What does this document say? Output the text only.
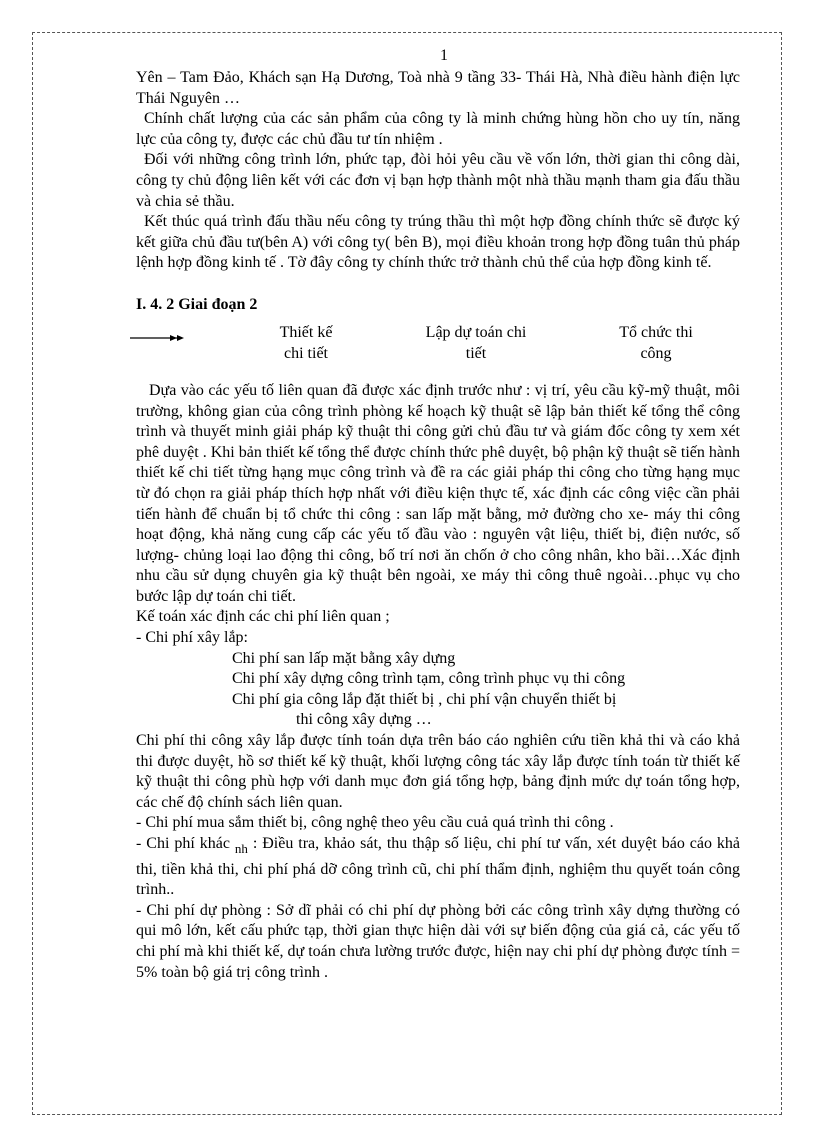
1

Yên – Tam Đảo, Khách sạn Hạ Dương, Toà nhà 9 tầng 33- Thái Hà, Nhà điều hành điện lực Thái Nguyên …

Chính chất lượng của các sản phẩm của công ty là minh chứng hùng hồn cho uy tín, năng lực của công ty, được các chủ đầu tư tín nhiệm .

Đối với những công trình lớn, phức tạp, đòi hỏi yêu cầu về vốn lớn, thời gian thi công dài, công ty chủ động liên kết với các đơn vị bạn hợp thành một nhà thầu mạnh tham gia đấu thầu và chia sẻ thầu.

Kết thúc quá trình đấu thầu nếu công ty trúng thầu thì một hợp đồng chính thức sẽ được ký kết giữa chủ đầu tư(bên A) với công ty( bên B), mọi điều khoản trong hợp đồng tuân thủ pháp lệnh hợp đồng kinh tế . Tờ đây công ty chính thức trở thành chủ thể của hợp đồng kinh tế.

I. 4. 2 Giai đoạn 2
Thiết kế
chi tiết
Lập dự toán chi
tiết
Tổ chức thi
công

Dựa vào các yếu tố liên quan đã được xác định trước như : vị trí, yêu cầu kỹ-mỹ thuật, môi trường, không gian của công trình phòng kế hoạch kỹ thuật sẽ lập bản thiết kế tổng thể công trình và thuyết minh giải pháp kỹ thuật thi công gửi chủ đầu tư và giám đốc công ty xem xét phê duyệt . Khi bản thiết kế tổng thể được chính thức phê duyệt, bộ phận kỹ thuật sẽ tiến hành thiết kế chi tiết từng hạng mục công trình và đề ra các giải pháp thi công cho từng hạng mục từ đó chọn ra giải pháp thích hợp nhất với điều kiện thực tế, xác định các công việc cần phải tiến hành để chuẩn bị tổ chức thi công : san lấp mặt bằng, mở đường cho xe- máy thi công hoạt động, khả năng cung cấp các yếu tố đầu vào : nguyên vật liệu, thiết bị, điện nước, số lượng- chủng loại lao động thi công, bố trí nơi ăn chốn ở cho công nhân, kho bãi…Xác định nhu cầu sử dụng chuyên gia kỹ thuật bên ngoài, xe máy thi công thuê ngoài…phục vụ cho bước lập dự toán chi tiết.

Kế toán xác định các chi phí liên quan ;

- Chi phí xây lắp:

Chi phí san lấp mặt bằng xây dựng

Chi phí xây dựng công trình tạm, công trình phục vụ thi công

Chi phí gia công lắp đặt thiết bị , chi phí vận chuyển thiết bị

thi công xây dựng …

Chi phí thi công xây lắp được tính toán dựa trên báo cáo nghiên cứu tiền khả thi và cáo khả thi được duyệt, hồ sơ thiết kế kỹ thuật, khối lượng công tác xây lắp được tính toán từ thiết kế kỹ thuật thi công phù hợp với danh mục đơn giá tổng hợp, bảng định mức dự toán tổng hợp, các chế độ chính sách liên quan.

- Chi phí mua sắm thiết bị, công nghệ theo yêu cầu cuả quá trình thi công .

- Chi phí khác $_{nh}$ : Điều tra, khảo sát, thu thập số liệu, chi phí tư vấn, xét duyệt báo cáo khả thi, tiền khả thi, chi phí phá dỡ công trình cũ, chi phí thẩm định, nghiệm thu quyết toán công trình..

- Chi phí dự phòng : Sở dĩ phải có chi phí dự phòng bởi các công trình xây dựng thường có qui mô lớn, kết cấu phức tạp, thời gian thực hiện dài với sự biến động của giá cả, các yếu tố chi phí mà khi thiết kế, dự toán chưa lường trước được, hiện nay chi phí dự phòng được tính = 5% toàn bộ giá trị công trình .
